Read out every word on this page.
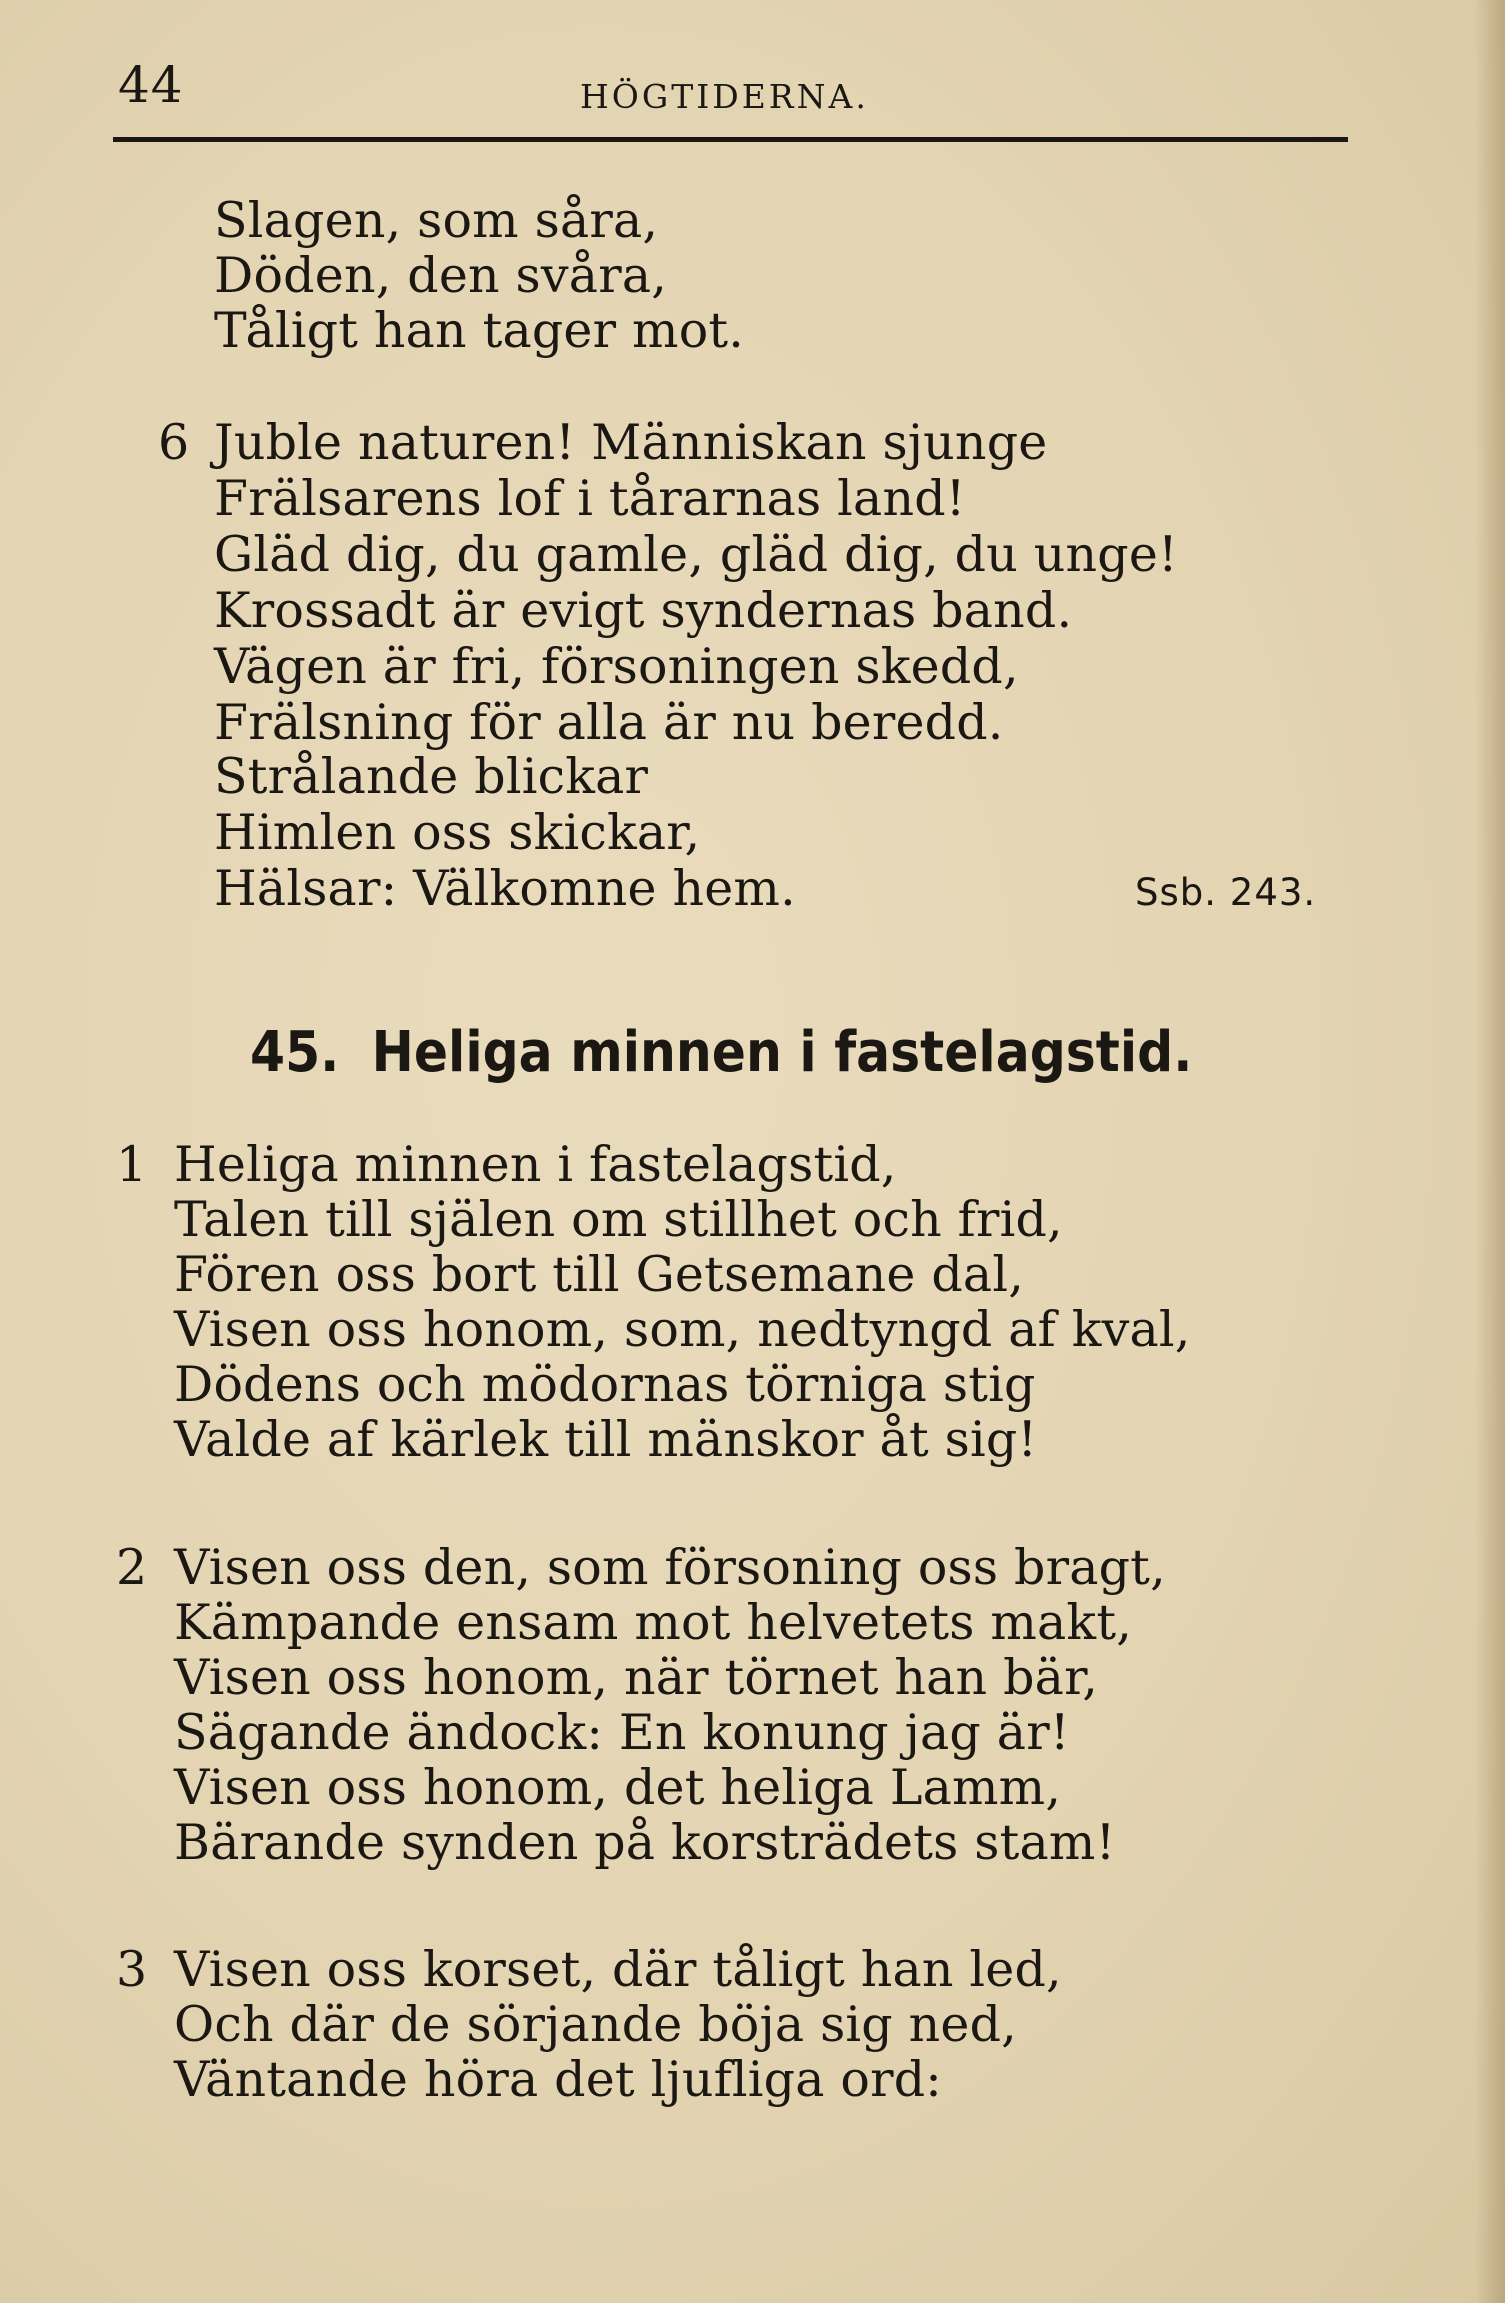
44	HÖGTIDERNA.
Slagen, som såra,
Döden, den svåra,
Tåligt han tager mot.
6 Juble naturen! Människan sjunge
Frälsarens lof i tårarnas land!
Gläd dig, du gamle, gläd dig, du unge!
Krossadt är evigt syndernas band.
Vägen är fri, försoningen skedd,
Frälsning för alla är nu beredd.
Strålande blickar
Himlen oss skickar,
Hälsar: Välkomne hem.	Ssb. 243.
45. Heliga minnen i fastelagstid.
1 Heliga minnen i fastelagstid,
Talen till själen om stillhet och frid,
Fören oss bort till Getsemane dal,
Visen oss honom, som, nedtyngd af kval,
Dödens och mödornas törniga stig
Valde af kärlek till mänskor åt sig!
2 Visen oss den, som försoning oss bragt,
Kämpande ensam mot helvetets makt,
Visen oss honom, när törnet han bär,
Sägande ändock: En konung jag är!
Visen oss honom, det heliga Lamm,
Bärande synden på korsträdets stam!
3 Visen oss korset, där tåligt han led,
Och där de sörjande böja sig ned,
Väntande höra det ljufliga ord:
